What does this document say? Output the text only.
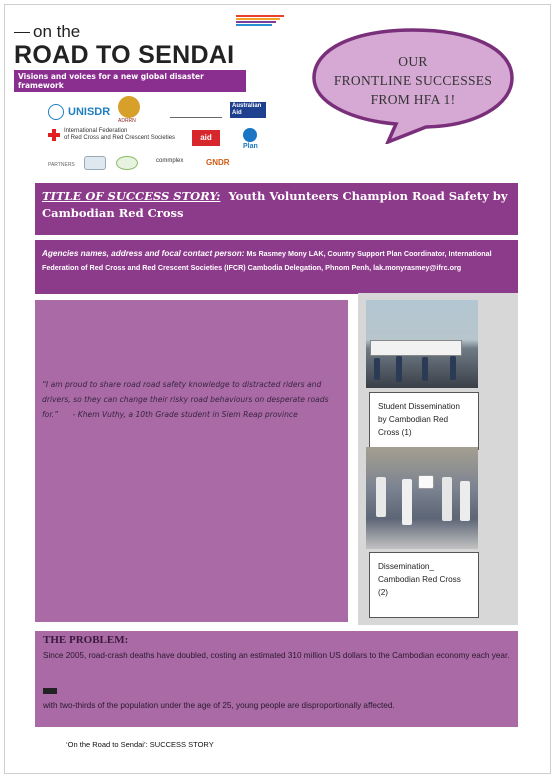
on the
ROAD TO SENDAI
Visions and voices for a new global disaster framework
UNISDR
ADRRN
Australian Aid
International Federation
of Red Cross and Red Crescent Societies	aid
Plan
PARTNERS
commplex	GNDR
OUR
FRONTLINE SUCCESSES
FROM HFA 1!
TITLE OF SUCCESS STORY: Youth Volunteers Champion Road Safety by Cambodian Red Cross
Agencies names, address and focal contact person: Ms Rasmey Mony LAK, Country Support Plan Coordinator, International Federation of Red Cross and Red Crescent Societies (IFCR) Cambodia Delegation, Phnom Penh, lak.monyrasmey@ifrc.org
“I am proud to share road road safety knowledge to distracted riders and drivers, so they can change their risky road behaviours on desperate roads for.” - Khem Vuthy, a 10th Grade student in Siem Reap province
Student Dissemination by Cambodian Red Cross (1)
Dissemination_ Cambodian Red Cross (2)
THE PROBLEM:
Since 2005, road-crash deaths have doubled, costing an estimated 310 million US dollars to the Cambodian economy each year.
with two-thirds of the population under the age of 25, young people are disproportionally affected.
‘On the Road to Sendai’: SUCCESS STORY
